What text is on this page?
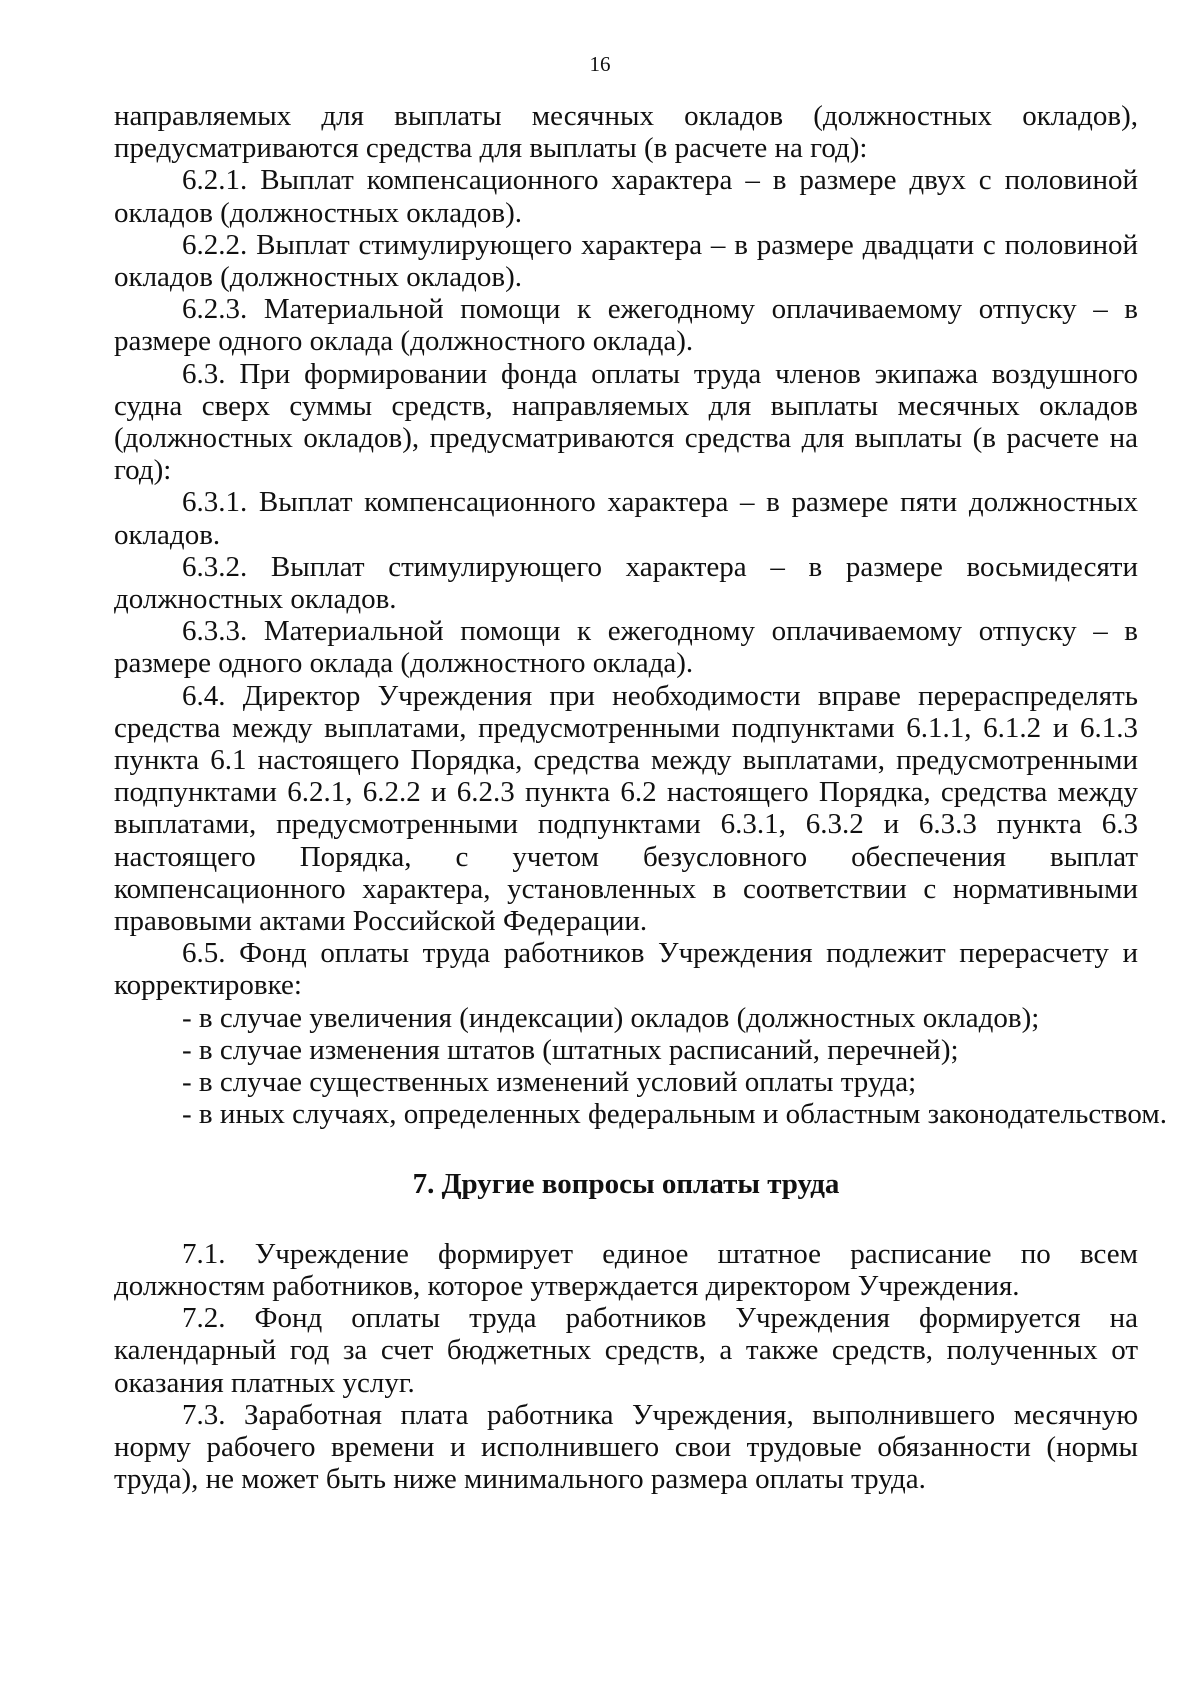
16

направляемых для выплаты месячных окладов (должностных окладов), предусматриваются средства для выплаты (в расчете на год):

6.2.1. Выплат компенсационного характера – в размере двух с половиной окладов (должностных окладов).

6.2.2. Выплат стимулирующего характера – в размере двадцати с половиной окладов (должностных окладов).

6.2.3. Материальной помощи к ежегодному оплачиваемому отпуску – в размере одного оклада (должностного оклада).

6.3. При формировании фонда оплаты труда членов экипажа воздушного судна сверх суммы средств, направляемых для выплаты месячных окладов (должностных окладов), предусматриваются средства для выплаты (в расчете на год):

6.3.1. Выплат компенсационного характера – в размере пяти должностных окладов.

6.3.2. Выплат стимулирующего характера – в размере восьмидесяти должностных окладов.

6.3.3. Материальной помощи к ежегодному оплачиваемому отпуску – в размере одного оклада (должностного оклада).

6.4. Директор Учреждения при необходимости вправе перераспределять средства между выплатами, предусмотренными подпунктами 6.1.1, 6.1.2 и 6.1.3 пункта 6.1 настоящего Порядка, средства между выплатами, предусмотренными подпунктами 6.2.1, 6.2.2 и 6.2.3 пункта 6.2 настоящего Порядка, средства между выплатами, предусмотренными подпунктами 6.3.1, 6.3.2 и 6.3.3 пункта 6.3 настоящего Порядка, с учетом безусловного обеспечения выплат компенсационного характера, установленных в соответствии с нормативными правовыми актами Российской Федерации.

6.5. Фонд оплаты труда работников Учреждения подлежит перерасчету и корректировке:

- в случае увеличения (индексации) окладов (должностных окладов);

- в случае изменения штатов (штатных расписаний, перечней);

- в случае существенных изменений условий оплаты труда;

- в иных случаях, определенных федеральным и областным законодательством.

7. Другие вопросы оплаты труда

7.1. Учреждение формирует единое штатное расписание по всем должностям работников, которое утверждается директором Учреждения.

7.2. Фонд оплаты труда работников Учреждения формируется на календарный год за счет бюджетных средств, а также средств, полученных от оказания платных услуг.

7.3. Заработная плата работника Учреждения, выполнившего месячную норму рабочего времени и исполнившего свои трудовые обязанности (нормы труда), не может быть ниже минимального размера оплаты труда.
